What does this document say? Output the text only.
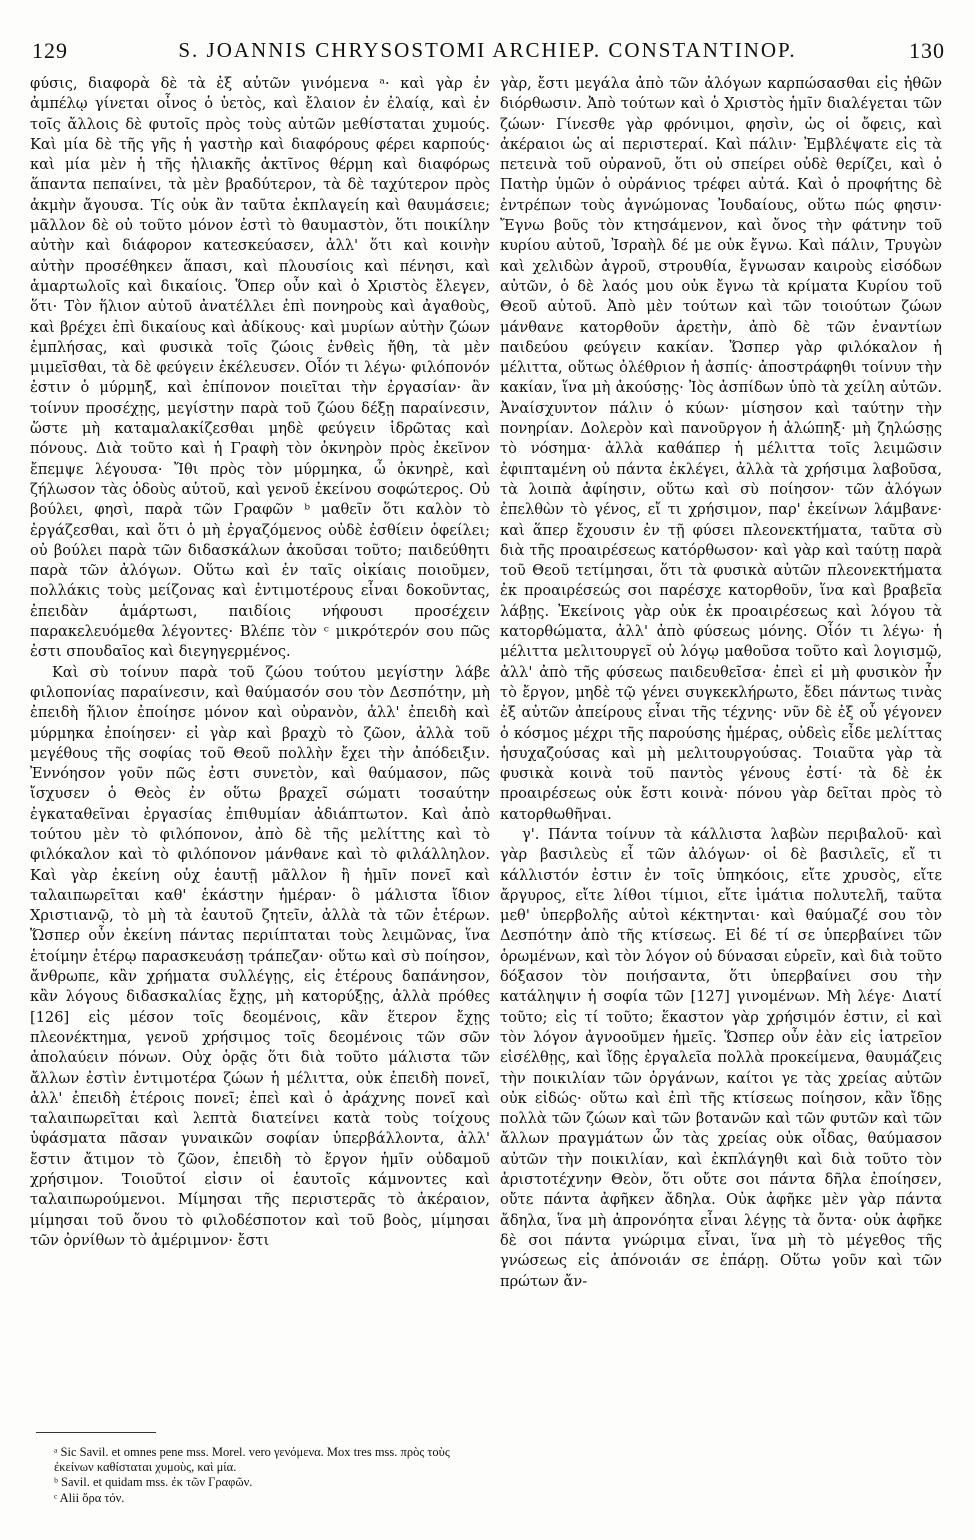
129	S. JOANNIS CHRYSOSTOMI ARCHIEP. CONSTANTINOP.	130

φύσις, διαφορὰ δὲ τὰ ἐξ αὐτῶν γινόμενα ᵃ· καὶ γὰρ ἐν ἀμπέλῳ γίνεται οἶνος ὁ ὑετὸς, καὶ ἔλαιον ἐν ἐλαίᾳ, καὶ ἐν τοῖς ἄλλοις δὲ φυτοῖς πρὸς τοὺς αὐτῶν μεθίσταται χυμούς. Καὶ μία δὲ τῆς γῆς ἡ γαστὴρ καὶ διαφόρους φέρει καρπούς· καὶ μία μὲν ἡ τῆς ἡλιακῆς ἀκτῖνος θέρμη καὶ διαφόρως ἅπαντα πεπαίνει, τὰ μὲν βραδύτερον, τὰ δὲ ταχύτερον πρὸς ἀκμὴν ἄγουσα. Τίς οὐκ ἂν ταῦτα ἐκπλαγείη καὶ θαυμάσειε; μᾶλλον δὲ οὐ τοῦτο μόνον ἐστὶ τὸ θαυμαστὸν, ὅτι ποικίλην αὐτὴν καὶ διάφορον κατεσκεύασεν, ἀλλ' ὅτι καὶ κοινὴν αὐτὴν προσέθηκεν ἅπασι, καὶ πλουσίοις καὶ πένησι, καὶ ἁμαρτωλοῖς καὶ δικαίοις. Ὅπερ οὖν καὶ ὁ Χριστὸς ἔλεγεν, ὅτι· Τὸν ἥλιον αὐτοῦ ἀνατέλλει ἐπὶ πονηροὺς καὶ ἀγαθοὺς, καὶ βρέχει ἐπὶ δικαίους καὶ ἀδίκους· καὶ μυρίων αὐτὴν ζώων ἐμπλήσας, καὶ φυσικὰ τοῖς ζώοις ἐνθεὶς ἤθη, τὰ μὲν μιμεῖσθαι, τὰ δὲ φεύγειν ἐκέλευσεν. Οἷόν τι λέγω· φιλόπονόν ἐστιν ὁ μύρμηξ, καὶ ἐπίπονον ποιεῖται τὴν ἐργασίαν· ἂν τοίνυν προσέχῃς, μεγίστην παρὰ τοῦ ζώου δέξῃ παραίνεσιν, ὥστε μὴ καταμαλακίζεσθαι μηδὲ φεύγειν ἱδρῶτας καὶ πόνους. Διὰ τοῦτο καὶ ἡ Γραφὴ τὸν ὀκνηρὸν πρὸς ἐκεῖνον ἔπεμψε λέγουσα· Ἴθι πρὸς τὸν μύρμηκα, ὦ ὀκνηρὲ, καὶ ζήλωσον τὰς ὁδοὺς αὐτοῦ, καὶ γενοῦ ἐκείνου σοφώτερος. Οὐ βούλει, φησὶ, παρὰ τῶν Γραφῶν ᵇ μαθεῖν ὅτι καλὸν τὸ ἐργάζεσθαι, καὶ ὅτι ὁ μὴ ἐργαζόμενος οὐδὲ ἐσθίειν ὀφείλει; οὐ βούλει παρὰ τῶν διδασκάλων ἀκοῦσαι τοῦτο; παιδεύθητι παρὰ τῶν ἀλόγων. Οὕτω καὶ ἐν ταῖς οἰκίαις ποιοῦμεν, πολλάκις τοὺς μείζονας καὶ ἐντιμοτέρους εἶναι δοκοῦντας, ἐπειδὰν ἁμάρτωσι, παιδίοις νήφουσι προσέχειν παρακελευόμεθα λέγοντες· Βλέπε τὸν ᶜ μικρότερόν σου πῶς ἐστι σπουδαῖος καὶ διεγηγερμένος.

Καὶ σὺ τοίνυν παρὰ τοῦ ζώου τούτου μεγίστην λάβε φιλοπονίας παραίνεσιν, καὶ θαύμασόν σου τὸν Δεσπότην, μὴ ἐπειδὴ ἥλιον ἐποίησε μόνον καὶ οὐρανὸν, ἀλλ' ἐπειδὴ καὶ μύρμηκα ἐποίησεν· εἰ γὰρ καὶ βραχὺ τὸ ζῶον, ἀλλὰ τοῦ μεγέθους τῆς σοφίας τοῦ Θεοῦ πολλὴν ἔχει τὴν ἀπόδειξιν. Ἐννόησον γοῦν πῶς ἐστι συνετὸν, καὶ θαύμασον, πῶς ἴσχυσεν ὁ Θεὸς ἐν οὕτω βραχεῖ σώματι τοσαύτην ἐγκαταθεῖναι ἐργασίας ἐπιθυμίαν ἀδιάπτωτον. Καὶ ἀπὸ τούτου μὲν τὸ φιλόπονον, ἀπὸ δὲ τῆς μελίττης καὶ τὸ φιλόκαλον καὶ τὸ φιλόπονον μάνθανε καὶ τὸ φιλάλληλον. Καὶ γὰρ ἐκείνη οὐχ ἑαυτῇ μᾶλλον ἢ ἡμῖν πονεῖ καὶ ταλαιπωρεῖται καθ' ἑκάστην ἡμέραν· ὃ μάλιστα ἴδιον Χριστιανῷ, τὸ μὴ τὰ ἑαυτοῦ ζητεῖν, ἀλλὰ τὰ τῶν ἑτέρων. Ὥσπερ οὖν ἐκείνη πάντας περιίπταται τοὺς λειμῶνας, ἵνα ἑτοίμην ἑτέρῳ παρασκευάσῃ τράπεζαν· οὕτω καὶ σὺ ποίησον, ἄνθρωπε, κἂν χρήματα συλλέγῃς, εἰς ἑτέρους δαπάνησον, κἂν λόγους διδασκαλίας ἔχῃς, μὴ κατορύξῃς, ἀλλὰ πρόθες [126] εἰς μέσον τοῖς δεομένοις, κἂν ἕτερον ἔχῃς πλεονέκτημα, γενοῦ χρήσιμος τοῖς δεομένοις τῶν σῶν ἀπολαύειν πόνων. Οὐχ ὁρᾷς ὅτι διὰ τοῦτο μάλιστα τῶν ἄλλων ἐστὶν ἐντιμοτέρα ζώων ἡ μέλιττα, οὐκ ἐπειδὴ πονεῖ, ἀλλ' ἐπειδὴ ἑτέροις πονεῖ; ἐπεὶ καὶ ὁ ἀράχνης πονεῖ καὶ ταλαιπωρεῖται καὶ λεπτὰ διατείνει κατὰ τοὺς τοίχους ὑφάσματα πᾶσαν γυναικῶν σοφίαν ὑπερβάλλοντα, ἀλλ' ἔστιν ἄτιμον τὸ ζῶον, ἐπειδὴ τὸ ἔργον ἡμῖν οὐδαμοῦ χρήσιμον. Τοιοῦτοί εἰσιν οἱ ἑαυτοῖς κάμνοντες καὶ ταλαιπωρούμενοι. Μίμησαι τῆς περιστερᾶς τὸ ἀκέραιον, μίμησαι τοῦ ὄνου τὸ φιλοδέσποτον καὶ τοῦ βοὸς, μίμησαι τῶν ὀρνίθων τὸ ἀμέριμνον· ἔστι

γὰρ, ἔστι μεγάλα ἀπὸ τῶν ἀλόγων καρπώσασθαι εἰς ἠθῶν διόρθωσιν. Ἀπὸ τούτων καὶ ὁ Χριστὸς ἡμῖν διαλέγεται τῶν ζώων· Γίνεσθε γὰρ φρόνιμοι, φησὶν, ὡς οἱ ὄφεις, καὶ ἀκέραιοι ὡς αἱ περιστεραί. Καὶ πάλιν· Ἐμβλέψατε εἰς τὰ πετεινὰ τοῦ οὐρανοῦ, ὅτι οὐ σπείρει οὐδὲ θερίζει, καὶ ὁ Πατὴρ ὑμῶν ὁ οὐράνιος τρέφει αὐτά. Καὶ ὁ προφήτης δὲ ἐντρέπων τοὺς ἀγνώμονας Ἰουδαίους, οὕτω πώς φησιν· Ἔγνω βοῦς τὸν κτησάμενον, καὶ ὄνος τὴν φάτνην τοῦ κυρίου αὐτοῦ, Ἰσραὴλ δέ με οὐκ ἔγνω. Καὶ πάλιν, Τρυγὼν καὶ χελιδὼν ἀγροῦ, στρουθία, ἔγνωσαν καιροὺς εἰσόδων αὐτῶν, ὁ δὲ λαός μου οὐκ ἔγνω τὰ κρίματα Κυρίου τοῦ Θεοῦ αὐτοῦ. Ἀπὸ μὲν τούτων καὶ τῶν τοιούτων ζώων μάνθανε κατορθοῦν ἀρετὴν, ἀπὸ δὲ τῶν ἐναντίων παιδεύου φεύγειν κακίαν. Ὥσπερ γὰρ φιλόκαλον ἡ μέλιττα, οὕτως ὀλέθριον ἡ ἀσπίς· ἀποστράφηθι τοίνυν τὴν κακίαν, ἵνα μὴ ἀκούσῃς· Ἰὸς ἀσπίδων ὑπὸ τὰ χείλη αὐτῶν. Ἀναίσχυντον πάλιν ὁ κύων· μίσησον καὶ ταύτην τὴν πονηρίαν. Δολερὸν καὶ πανοῦργον ἡ ἀλώπηξ· μὴ ζηλώσῃς τὸ νόσημα· ἀλλὰ καθάπερ ἡ μέλιττα τοῖς λειμῶσιν ἐφιπταμένη οὐ πάντα ἐκλέγει, ἀλλὰ τὰ χρήσιμα λαβοῦσα, τὰ λοιπὰ ἀφίησιν, οὕτω καὶ σὺ ποίησον· τῶν ἀλόγων ἐπελθὼν τὸ γένος, εἴ τι χρήσιμον, παρ' ἐκείνων λάμβανε· καὶ ἅπερ ἔχουσιν ἐν τῇ φύσει πλεονεκτήματα, ταῦτα σὺ διὰ τῆς προαιρέσεως κατόρθωσον· καὶ γὰρ καὶ ταύτῃ παρὰ τοῦ Θεοῦ τετίμησαι, ὅτι τὰ φυσικὰ αὐτῶν πλεονεκτήματα ἐκ προαιρέσεώς σοι παρέσχε κατορθοῦν, ἵνα καὶ βραβεῖα λάβῃς. Ἐκείνοις γὰρ οὐκ ἐκ προαιρέσεως καὶ λόγου τὰ κατορθώματα, ἀλλ' ἀπὸ φύσεως μόνης. Οἷόν τι λέγω· ἡ μέλιττα μελιτουργεῖ οὐ λόγῳ μαθοῦσα τοῦτο καὶ λογισμῷ, ἀλλ' ἀπὸ τῆς φύσεως παιδευθεῖσα· ἐπεὶ εἰ μὴ φυσικὸν ἦν τὸ ἔργον, μηδὲ τῷ γένει συγκεκλήρωτο, ἔδει πάντως τινὰς ἐξ αὐτῶν ἀπείρους εἶναι τῆς τέχνης· νῦν δὲ ἐξ οὗ γέγονεν ὁ κόσμος μέχρι τῆς παρούσης ἡμέρας, οὐδεὶς εἶδε μελίττας ἡσυχαζούσας καὶ μὴ μελιτουργούσας. Τοιαῦτα γὰρ τὰ φυσικὰ κοινὰ τοῦ παντὸς γένους ἐστί· τὰ δὲ ἐκ προαιρέσεως οὐκ ἔστι κοινὰ· πόνου γὰρ δεῖται πρὸς τὸ κατορθωθῆναι.

γ'. Πάντα τοίνυν τὰ κάλλιστα λαβὼν περιβαλοῦ· καὶ γὰρ βασιλεὺς εἶ τῶν ἀλόγων· οἱ δὲ βασιλεῖς, εἴ τι κάλλιστόν ἐστιν ἐν τοῖς ὑπηκόοις, εἴτε χρυσὸς, εἴτε ἄργυρος, εἴτε λίθοι τίμιοι, εἴτε ἱμάτια πολυτελῆ, ταῦτα μεθ' ὑπερβολῆς αὐτοὶ κέκτηνται· καὶ θαύμαζέ σου τὸν Δεσπότην ἀπὸ τῆς κτίσεως. Εἰ δέ τί σε ὑπερβαίνει τῶν ὁρωμένων, καὶ τὸν λόγον οὐ δύνασαι εὑρεῖν, καὶ διὰ τοῦτο δόξασον τὸν ποιήσαντα, ὅτι ὑπερβαίνει σου τὴν κατάληψιν ἡ σοφία τῶν [127] γινομένων. Μὴ λέγε· Διατί τοῦτο; εἰς τί τοῦτο; ἕκαστον γὰρ χρήσιμόν ἐστιν, εἰ καὶ τὸν λόγον ἀγνοοῦμεν ἡμεῖς. Ὥσπερ οὖν ἐὰν εἰς ἰατρεῖον εἰσέλθῃς, καὶ ἴδῃς ἐργαλεῖα πολλὰ προκείμενα, θαυμάζεις τὴν ποικιλίαν τῶν ὀργάνων, καίτοι γε τὰς χρείας αὐτῶν οὐκ εἰδώς· οὕτω καὶ ἐπὶ τῆς κτίσεως ποίησον, κἂν ἴδῃς πολλὰ τῶν ζώων καὶ τῶν βοτανῶν καὶ τῶν φυτῶν καὶ τῶν ἄλλων πραγμάτων ὧν τὰς χρείας οὐκ οἶδας, θαύμασον αὐτῶν τὴν ποικιλίαν, καὶ ἐκπλάγηθι καὶ διὰ τοῦτο τὸν ἀριστοτέχνην Θεὸν, ὅτι οὔτε σοι πάντα δῆλα ἐποίησεν, οὔτε πάντα ἀφῆκεν ἄδηλα. Οὐκ ἀφῆκε μὲν γὰρ πάντα ἄδηλα, ἵνα μὴ ἀπρονόητα εἶναι λέγῃς τὰ ὄντα· οὐκ ἀφῆκε δὲ σοι πάντα γνώριμα εἶναι, ἵνα μὴ τὸ μέγεθος τῆς γνώσεως εἰς ἀπόνοιάν σε ἐπάρῃ. Οὕτω γοῦν καὶ τῶν πρώτων ἄν-

ᵃ Sic Savil. et omnes pene mss. Morel. vero γενόμενα. Mox tres mss. πρὸς τοὺς ἐκείνων καθίσταται χυμοὺς, καὶ μία.
ᵇ Savil. et quidam mss. ἐκ τῶν Γραφῶν.
ᶜ Alii ὅρα τόν.
